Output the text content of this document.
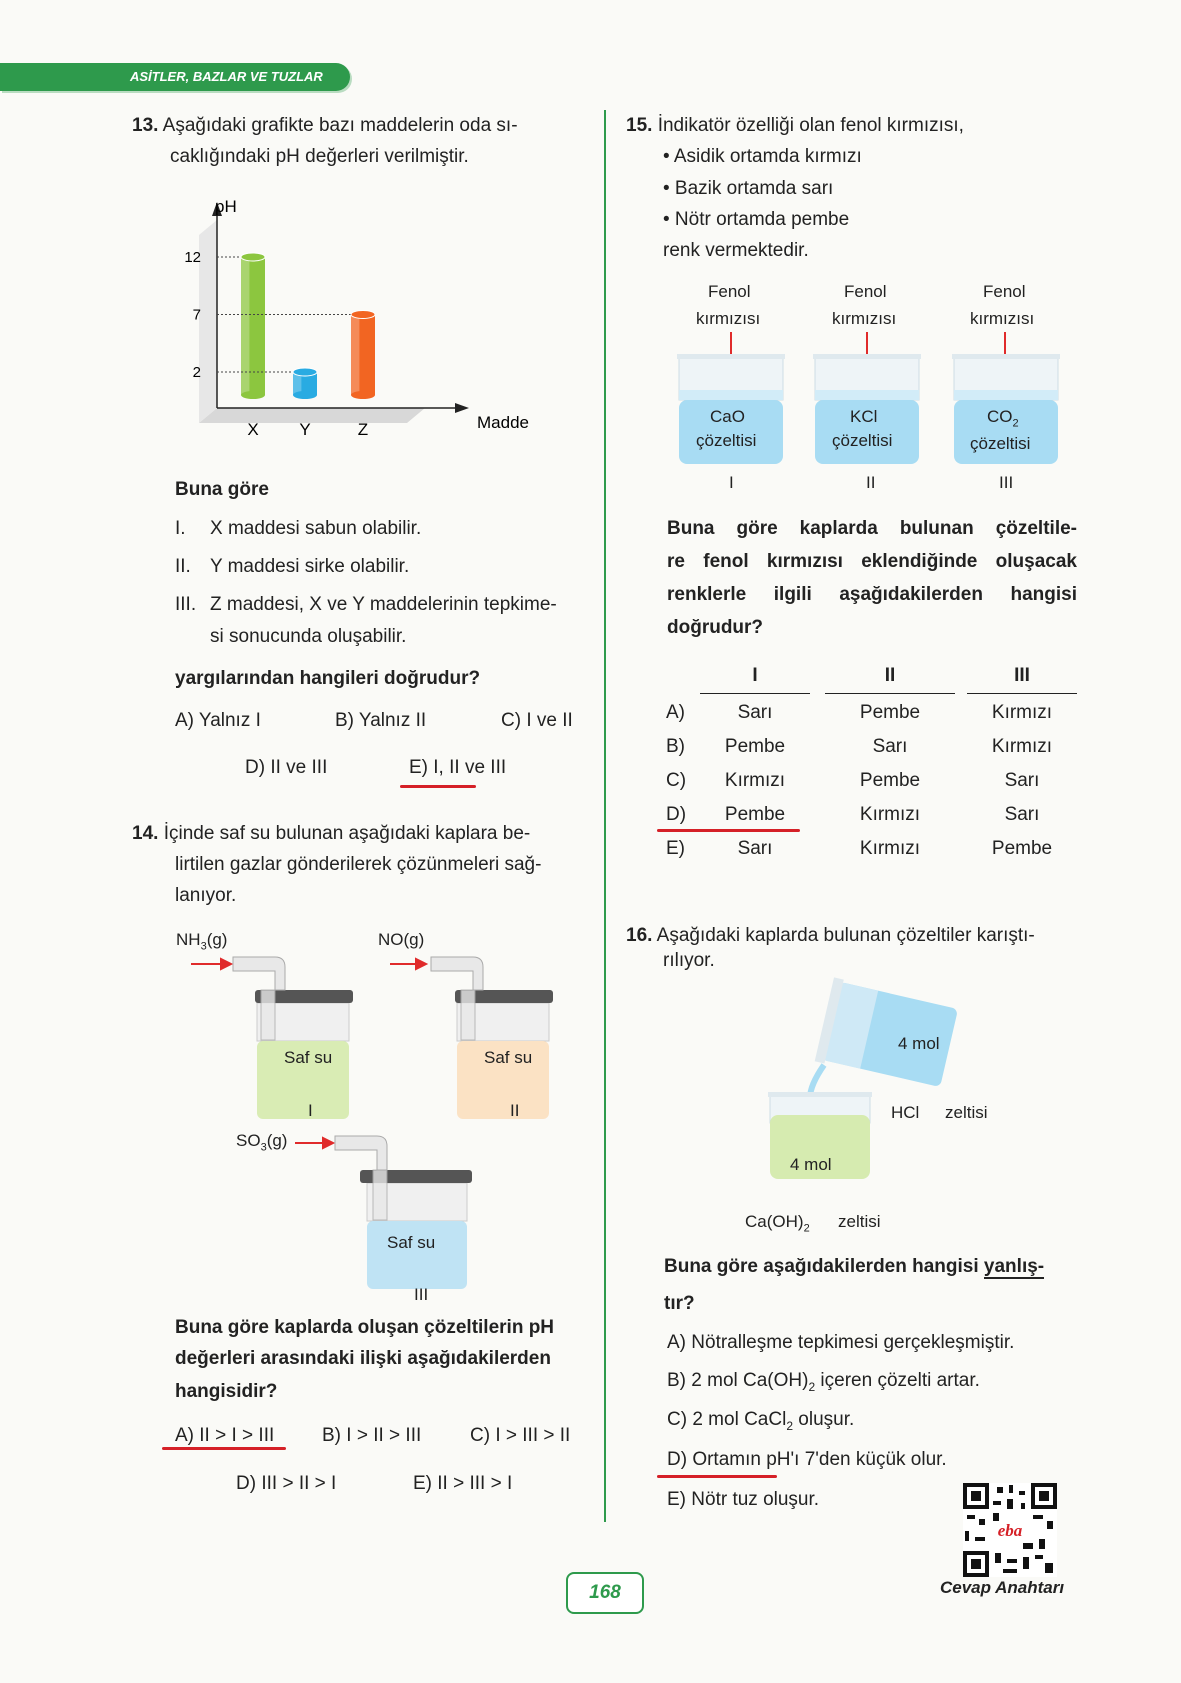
ASİTLER, BAZLAR VE TUZLAR
13. Aşağıdaki grafikte bazı maddelerin oda sı-
caklığındaki pH değerleri verilmiştir.
pH
Madde
12
7
2
X Y	Z
Buna göre
I. X maddesi sabun olabilir.
II. Y maddesi sirke olabilir.
III. Z maddesi, X ve Y maddelerinin tepkime-
si sonucunda oluşabilir.
yargılarından hangileri doğrudur?
A) Yalnız I	B) Yalnız II	C) I ve II
D) II ve III	E) I, II ve III
14. İçinde saf su bulunan aşağıdaki kaplara be-
lirtilen gazlar gönderilerek çözünmeleri sağ-
lanıyor.
$NH_3(g)$	NO(g)
$SO_3(g)$
Saf su	Saf su
Saf su
I	II
III
Buna göre kaplarda oluşan çözeltilerin pH
değerleri arasındaki ilişki aşağıdakilerden
hangisidir?
A) II > I > III	B) I > II > III	C) I > III > II
D) III > II > I	E) II > III > I
15. İndikatör özelliği olan fenol kırmızısı,
• Asidik ortamda kırmızı
• Bazik ortamda sarı
• Nötr ortamda pembe
renk vermektedir.
Fenol
kırmızısı
Fenol
kırmızısı
Fenol
kırmızısı
CaO
çözeltisi
KCl
çözeltisi
$CO_2$
çözeltisi
I	II	III
Buna göre kaplarda bulunan çözeltile-
re fenol kırmızısı eklendiğinde oluşacak
renklerle ilgili aşağıdakilerden hangisi
doğrudur?
I	II	III
A)	Sarı	Pembe	Kırmızı
B)	Pembe	Sarı	Kırmızı
C)	Kırmızı	Pembe	Sarı
D)	Pembe	Kırmızı	Sarı
E)	Sarı	Kırmızı	Pembe
16. Aşağıdaki kaplarda bulunan çözeltiler karıştı-
rılıyor.
4 mol
HCl zeltisi
4 mol
$Ca(OH)_2$ zeltisi
Buna göre aşağıdakilerden hangisi yanlış-
tır?
A) Nötralleşme tepkimesi gerçekleşmiştir.
B) 2 mol $Ca(OH)_2$ içeren çözelti artar.
C) 2 mol CaCl$_2$ oluşur.
D) Ortamın pH'ı 7'den küçük olur.
E) Nötr tuz oluşur.
eba
Cevap Anahtarı
168
